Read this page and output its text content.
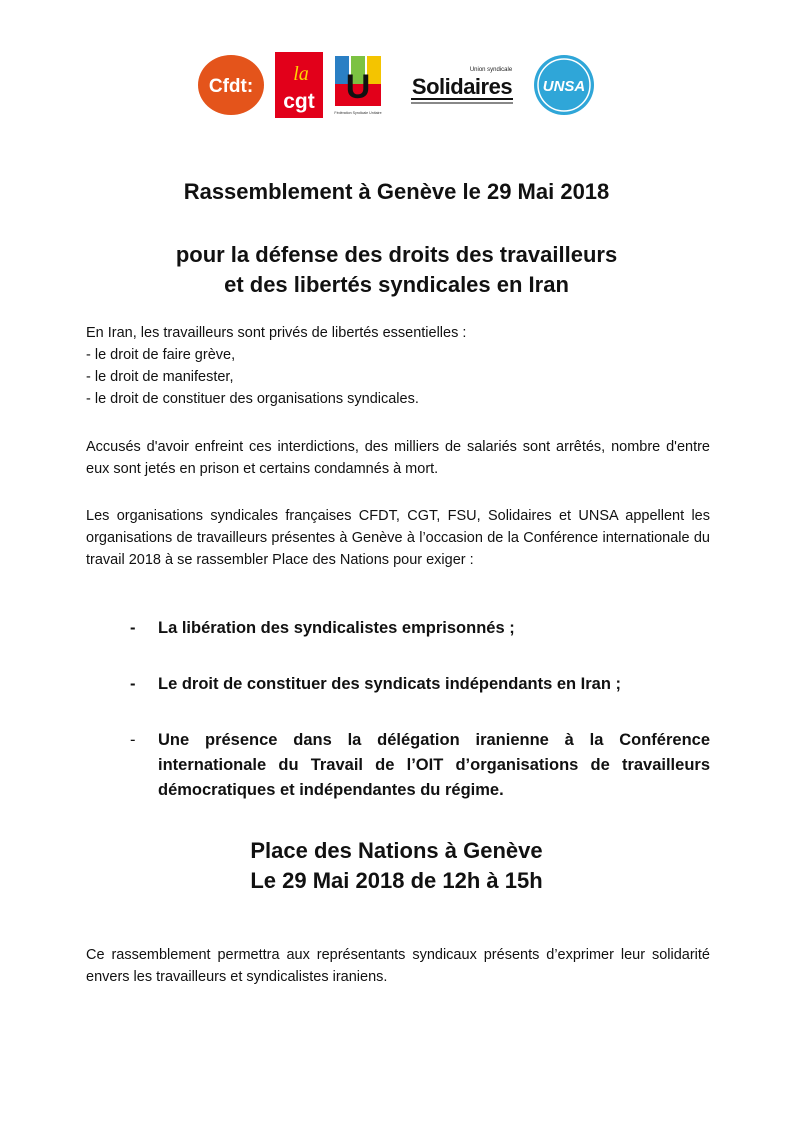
Cfdt:
la
cgt U
Fédération Syndicale Unitaire
Union syndicale
Solidaires UNSA
Rassemblement à Genève le 29 Mai 2018
pour la défense des droits des travailleurs
et des libertés syndicales en Iran
En Iran, les travailleurs sont privés de libertés essentielles :
- le droit de faire grève,
- le droit de manifester,
- le droit de constituer des organisations syndicales.

Accusés d'avoir enfreint ces interdictions, des milliers de salariés sont arrêtés, nombre d'entre eux sont jetés en prison et certains condamnés à mort.

Les organisations syndicales françaises CFDT, CGT, FSU, Solidaires et UNSA appellent les organisations de travailleurs présentes à Genève à l’occasion de la Conférence internationale du travail 2018 à se rassembler Place des Nations pour exiger :

- La libération des syndicalistes emprisonnés ;
- Le droit de constituer des syndicats indépendants en Iran ;
- Une présence dans la délégation iranienne à la Conférence internationale du Travail de l’OIT d’organisations de travailleurs démocratiques et indépendantes du régime.
Place des Nations à Genève
Le 29 Mai 2018 de 12h à 15h

Ce rassemblement permettra aux représentants syndicaux présents d’exprimer leur solidarité envers les travailleurs et syndicalistes iraniens.
